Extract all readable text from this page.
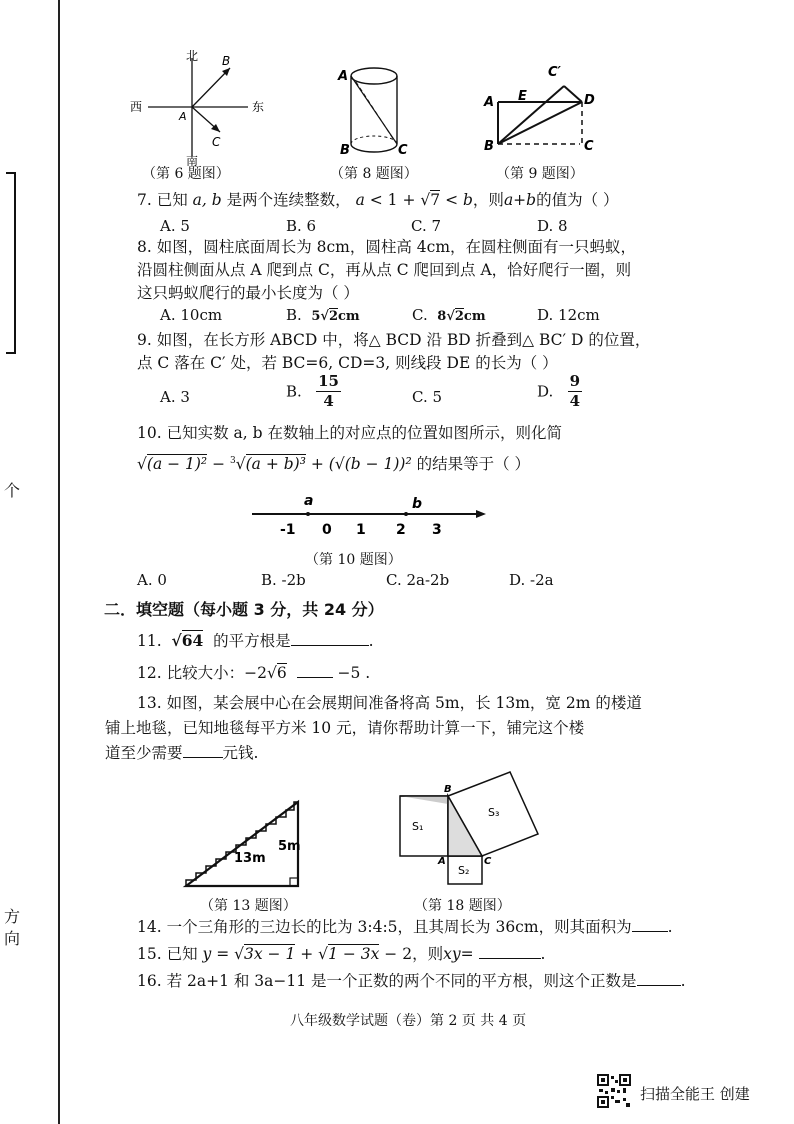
个
方
向
北
西	东
南
A
B
C
（第 6 题图）
A
B	C
（第 8 题图）
A
B	C
C′
D
E
（第 9 题图）
7. 已知 a, b 是两个连续整数， a < 1 + √7 < b，则a+b的值为（ ）
A. 5	B. 6	C. 7	D. 8
8. 如图，圆柱底面周长为 8cm，圆柱高 4cm，在圆柱侧面有一只蚂蚁，
沿圆柱侧面从点 A 爬到点 C，再从点 C 爬回到点 A，恰好爬行一圈，则
这只蚂蚁爬行的最小长度为（ ）
A. 10cm	B. 5√2cm	C. 8√2cm	D. 12cm
9. 如图，在长方形 ABCD 中，将△ BCD 沿 BD 折叠到△ BC′ D 的位置，
点 C 落在 C′ 处，若 BC=6, CD=3, 则线段 DE 的长为（ ）
A. 3	B. $\frac{15}{4}$	C. 5	D. $\frac{9}{4}$
10. 已知实数 a, b 在数轴上的对应点的位置如图所示，则化简
√(a − 1)² − $^3$√(a + b)³ + (√(b − 1))² 的结果等于（ ）
a	b
-1 0 1 2 3
（第 10 题图）
A. 0	B. -2b	C. 2a-2b	D. -2a
二．填空题（每小题 3 分，共 24 分）
11. √64 的平方根是	.
12. 比较大小：−2√6	−5 .
13. 如图，某会展中心在会展期间准备将高 5m，长 13m，宽 2m 的楼道
铺上地毯，已知地毯每平方米 10 元，请你帮助计算一下，铺完这个楼
道至少需要	元钱.
13m
5m
（第 13 题图）
S₁
S₂
S₃
A
B
C
（第 18 题图）
14. 一个三角形的三边长的比为 3:4:5，且其周长为 36cm，则其面积为 .
15. 已知 y = √3x − 1 + √1 − 3x − 2，则xy=	.
16. 若 2a+1 和 3a−11 是一个正数的两个不同的平方根，则这个正数是	.
八年级数学试题（卷）第 2 页 共 4 页
扫描全能王 创建
